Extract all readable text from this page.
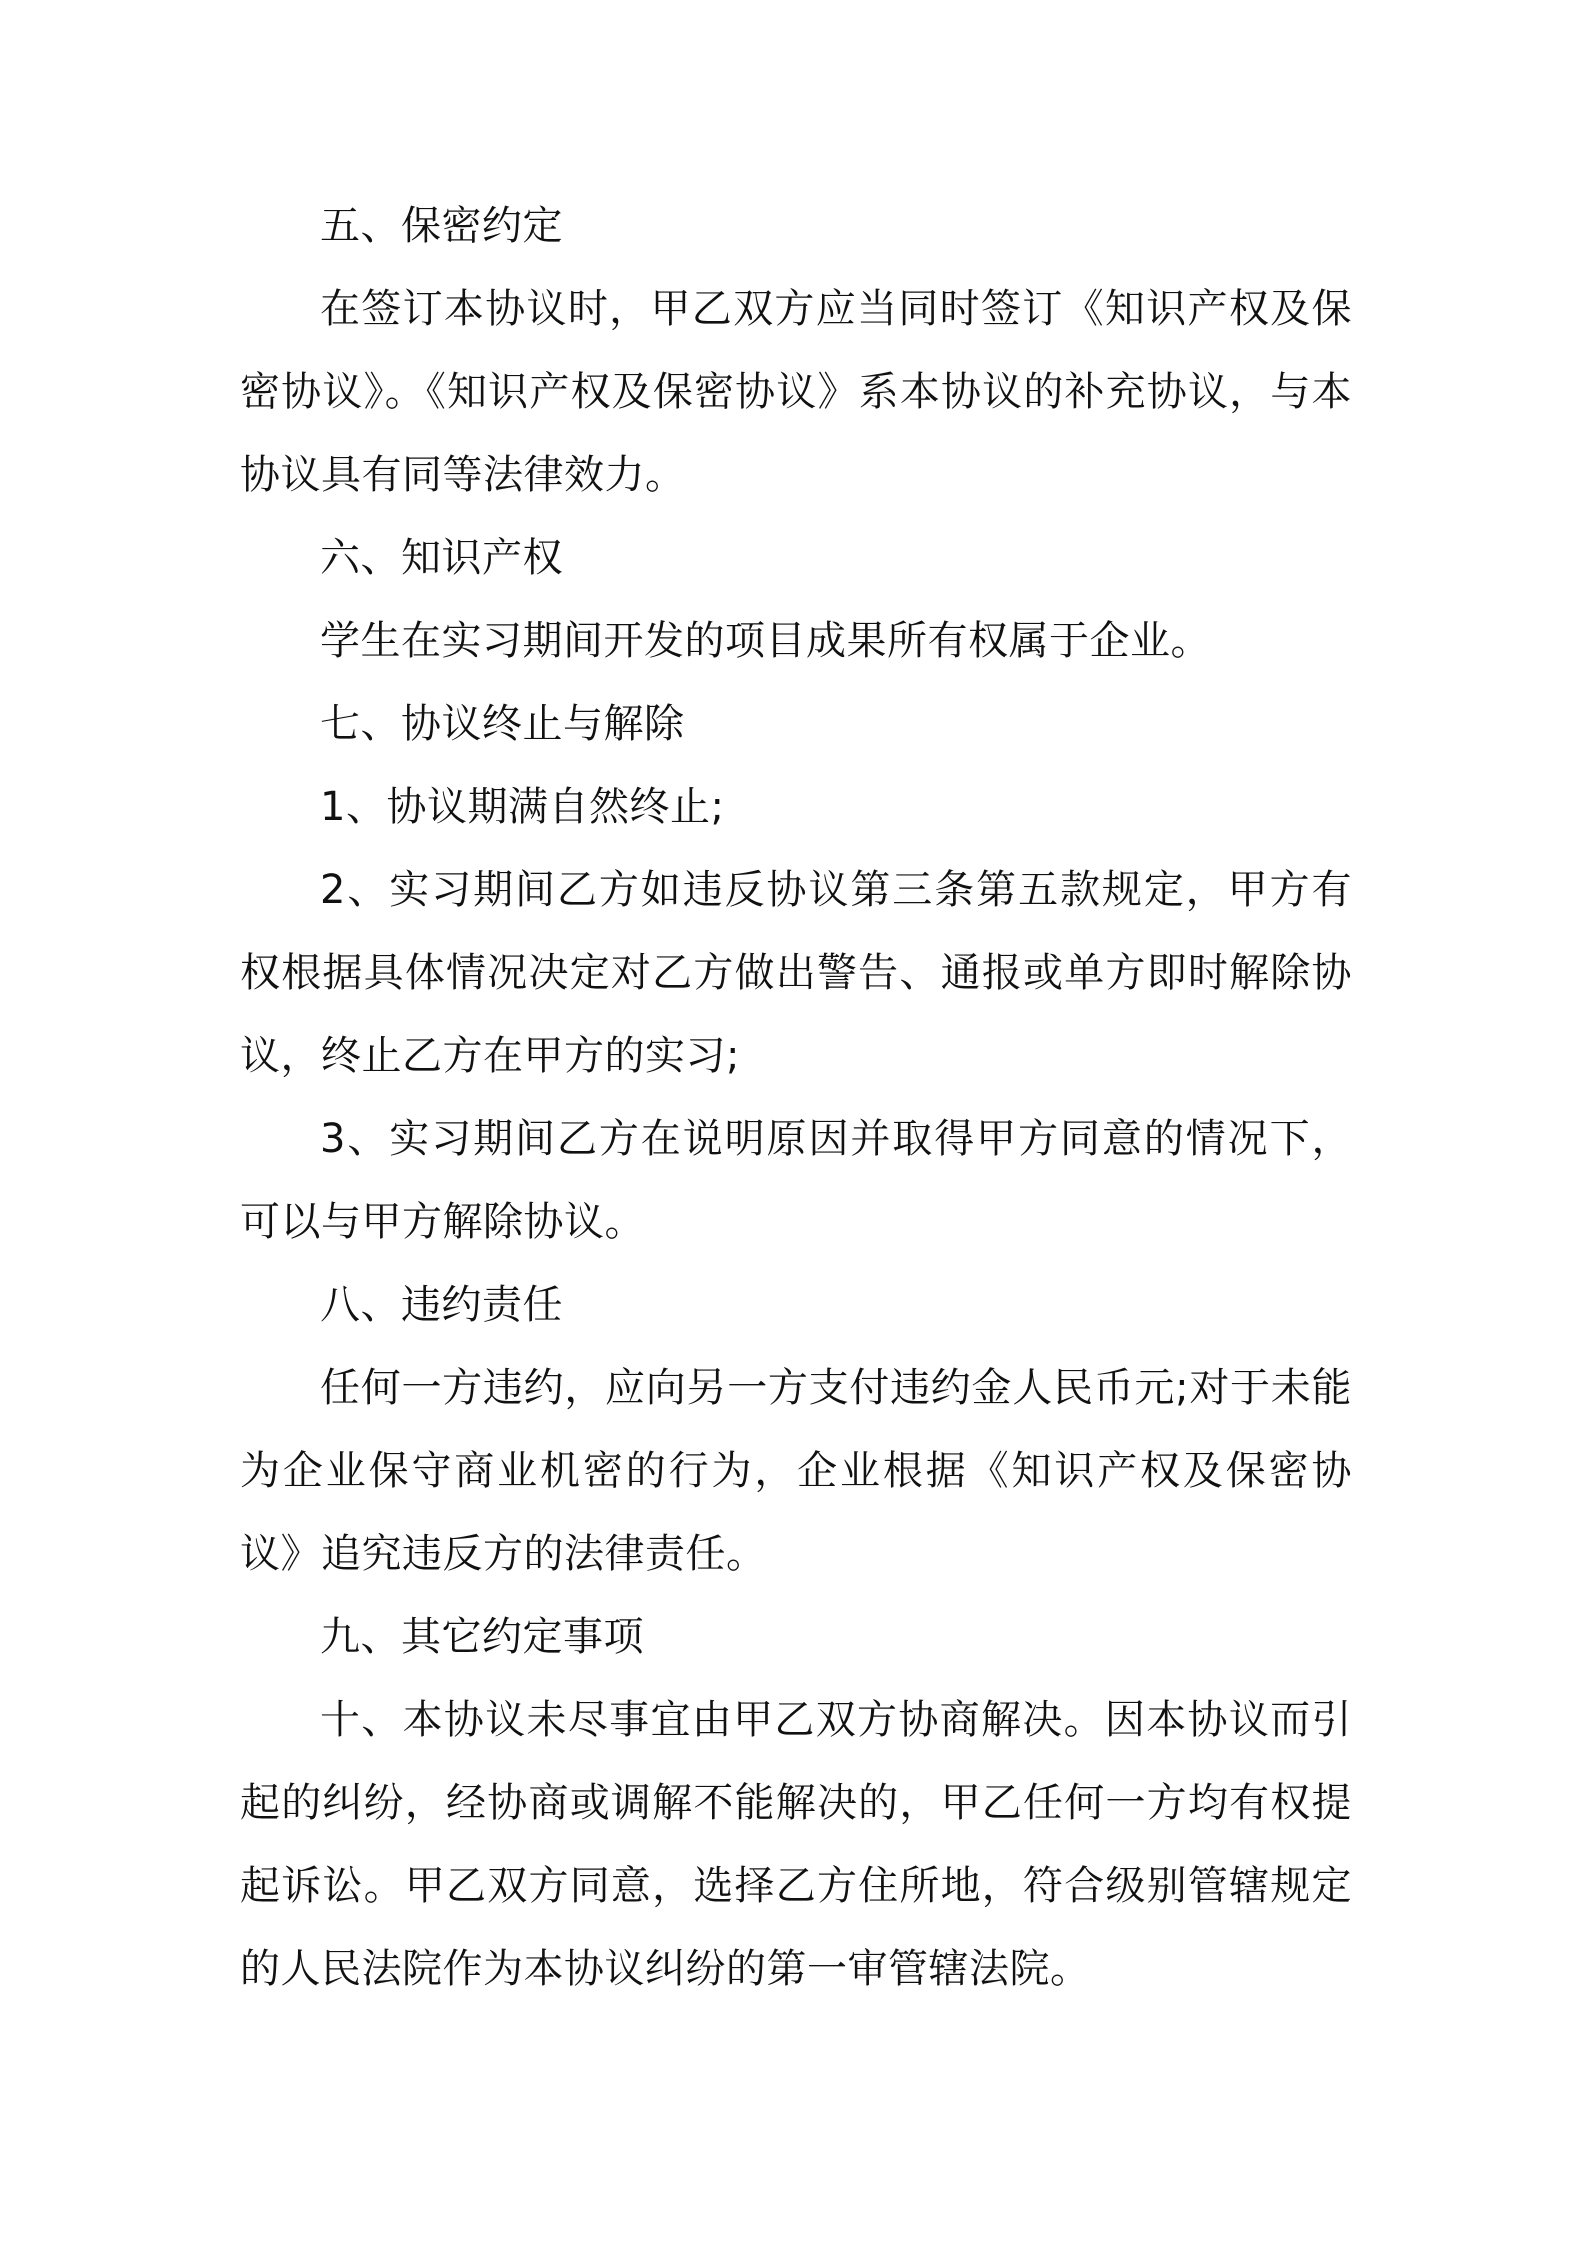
五、保密约定

在签订本协议时，甲乙双方应当同时签订《知识产权及保密协议》。《知识产权及保密协议》系本协议的补充协议，与本协议具有同等法律效力。

六、知识产权

学生在实习期间开发的项目成果所有权属于企业。

七、协议终止与解除

1、协议期满自然终止;

2、实习期间乙方如违反协议第三条第五款规定，甲方有权根据具体情况决定对乙方做出警告、通报或单方即时解除协议，终止乙方在甲方的实习;

3、实习期间乙方在说明原因并取得甲方同意的情况下，可以与甲方解除协议。

八、违约责任

任何一方违约，应向另一方支付违约金人民币元;对于未能为企业保守商业机密的行为，企业根据《知识产权及保密协议》追究违反方的法律责任。

九、其它约定事项

十、本协议未尽事宜由甲乙双方协商解决。因本协议而引起的纠纷，经协商或调解不能解决的，甲乙任何一方均有权提起诉讼。甲乙双方同意，选择乙方住所地，符合级别管辖规定的人民法院作为本协议纠纷的第一审管辖法院。
